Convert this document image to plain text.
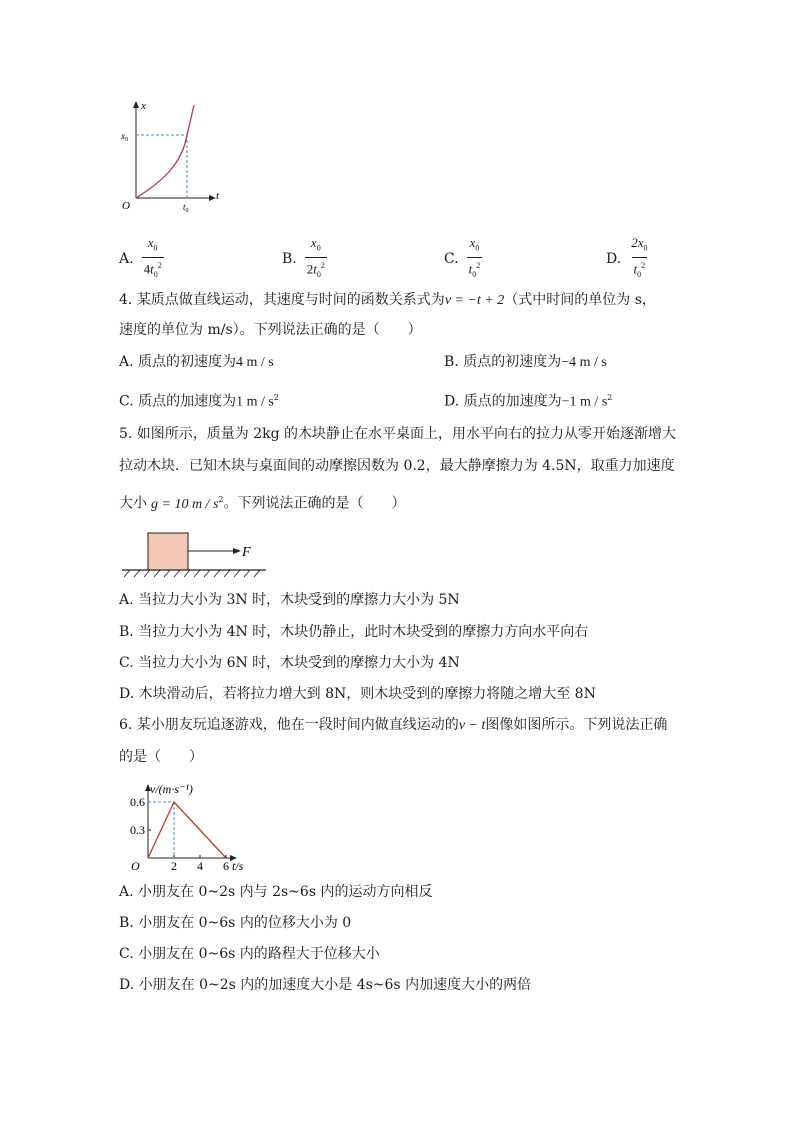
x
t
O
$x_0$
$t_0$
A. $\frac{x_0}{4t_0^2}$	B. $\frac{x_0}{2t_0^2}$	C. $\frac{x_0}{t_0^2}$	D. $\frac{2x_0}{t_0^2}$
4. 某质点做直线运动，其速度与时间的函数关系式为v = −t + 2（式中时间的单位为 s，
速度的单位为 m/s）。下列说法正确的是（　　）
A. 质点的初速度为4 m / s	B. 质点的初速度为−4 m / s
C. 质点的加速度为1 m / $s^2$	D. 质点的加速度为−1 m / $s^2$
5. 如图所示，质量为 2kg 的木块静止在水平桌面上，用水平向右的拉力从零开始逐渐增大
拉动木块．已知木块与桌面间的动摩擦因数为 0.2，最大静摩擦力为 4.5N，取重力加速度
大小 g = 10 m / $s^2$。下列说法正确的是（　　）
F
A. 当拉力大小为 3N 时，木块受到的摩擦力大小为 5N
B. 当拉力大小为 4N 时，木块仍静止，此时木块受到的摩擦力方向水平向右
C. 当拉力大小为 6N 时，木块受到的摩擦力大小为 4N
D. 木块滑动后，若将拉力增大到 8N，则木块受到的摩擦力将随之增大至 8N
6. 某小朋友玩追逐游戏，他在一段时间内做直线运动的v − t图像如图所示。下列说法正确
的是（　　）
v/(m·s⁻¹)
t/s
O	2 4 6
0.6
0.3
A. 小朋友在 0~2s 内与 2s~6s 内的运动方向相反
B. 小朋友在 0~6s 内的位移大小为 0
C. 小朋友在 0~6s 内的路程大于位移大小
D. 小朋友在 0~2s 内的加速度大小是 4s~6s 内加速度大小的两倍
